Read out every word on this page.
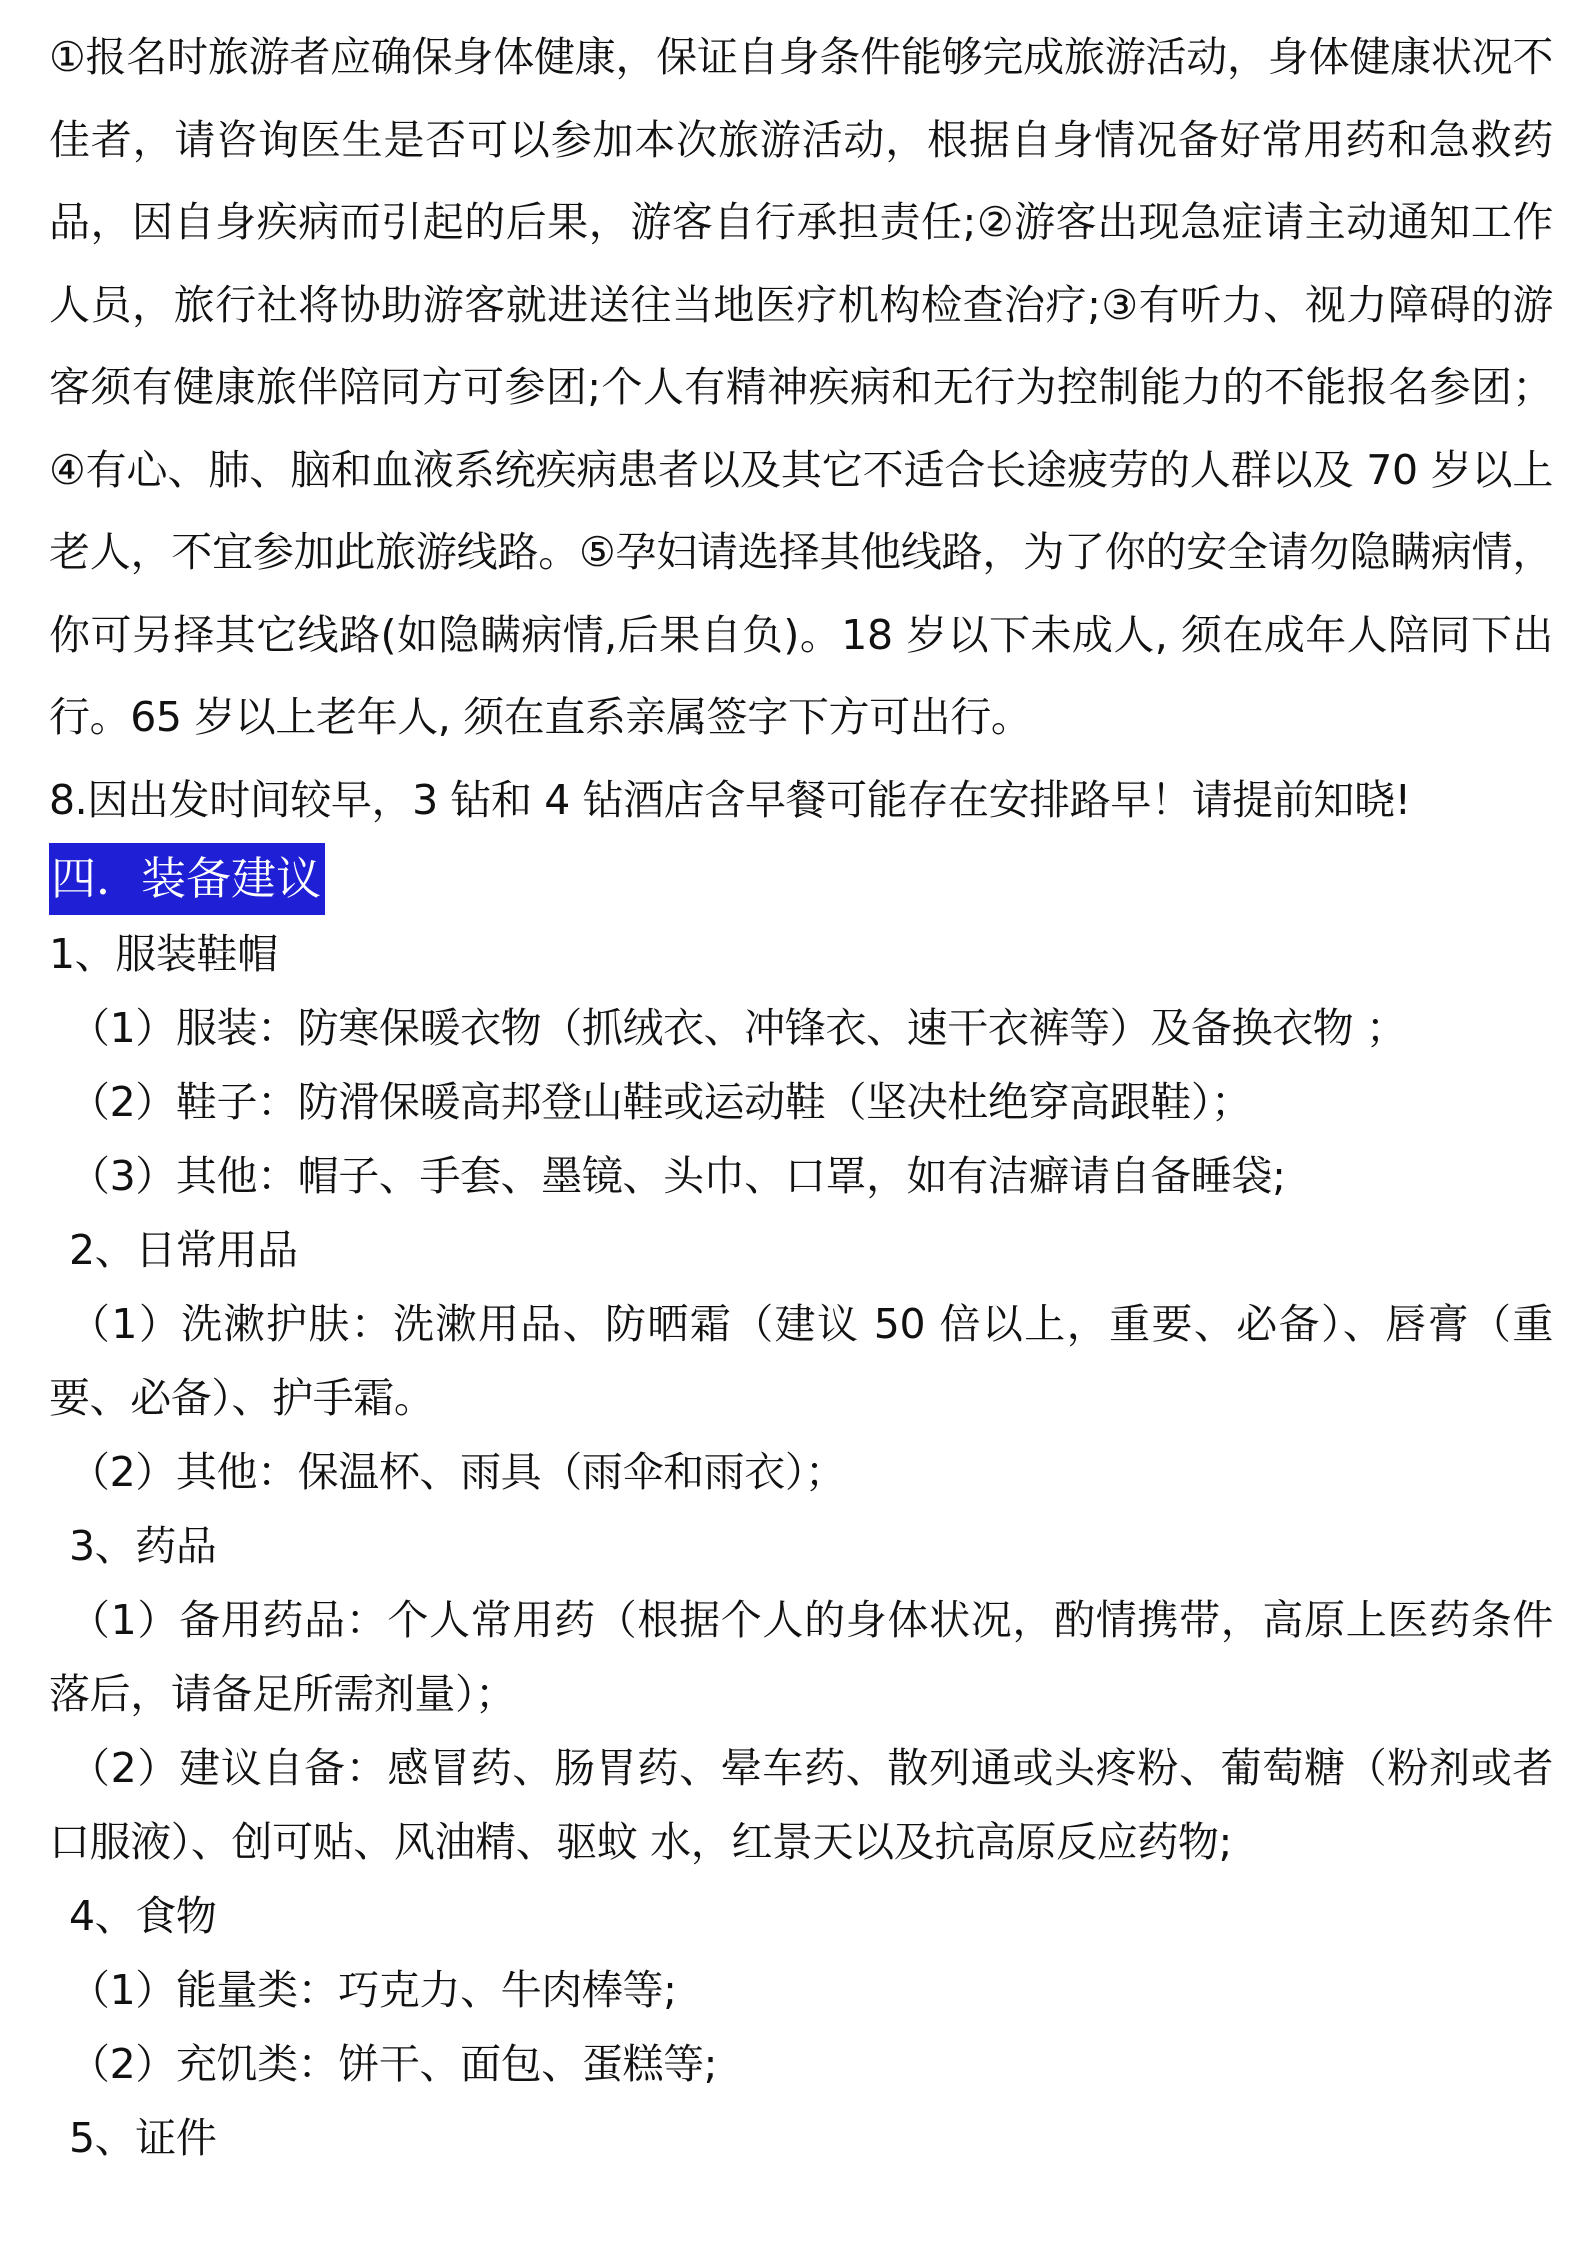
①报名时旅游者应确保身体健康，保证自身条件能够完成旅游活动，身体健康状况不佳者，请咨询医生是否可以参加本次旅游活动，根据自身情况备好常用药和急救药品，因自身疾病而引起的后果，游客自行承担责任;②游客出现急症请主动通知工作人员，旅行社将协助游客就进送往当地医疗机构检查治疗;③有听力、视力障碍的游客须有健康旅伴陪同方可参团;个人有精神疾病和无行为控制能力的不能报名参团；④有心、肺、脑和血液系统疾病患者以及其它不适合长途疲劳的人群以及 70 岁以上老人，不宜参加此旅游线路。⑤孕妇请选择其他线路，为了你的安全请勿隐瞒病情，你可另择其它线路(如隐瞒病情,后果自负)。18 岁以下未成人, 须在成年人陪同下出行。65 岁以上老年人, 须在直系亲属签字下方可出行。

8.因出发时间较早，3 钻和 4 钻酒店含早餐可能存在安排路早！请提前知晓!

四．装备建议

1、服装鞋帽

（1）服装：防寒保暖衣物（抓绒衣、冲锋衣、速干衣裤等）及备换衣物 ；

（2）鞋子：防滑保暖高邦登山鞋或运动鞋（坚决杜绝穿高跟鞋）；

（3）其他：帽子、手套、墨镜、头巾、口罩，如有洁癖请自备睡袋;

2、日常用品

（1）洗漱护肤：洗漱用品、防晒霜（建议 50 倍以上，重要、必备）、唇膏（重要、必备）、护手霜。

（2）其他：保温杯、雨具（雨伞和雨衣）；

3、药品

（1）备用药品：个人常用药（根据个人的身体状况，酌情携带，高原上医药条件落后，请备足所需剂量）；

（2）建议自备：感冒药、肠胃药、晕车药、散列通或头疼粉、葡萄糖（粉剂或者口服液）、创可贴、风油精、驱蚊 水，红景天以及抗高原反应药物;

4、食物

（1）能量类：巧克力、牛肉棒等;

（2）充饥类：饼干、面包、蛋糕等;

5、证件
